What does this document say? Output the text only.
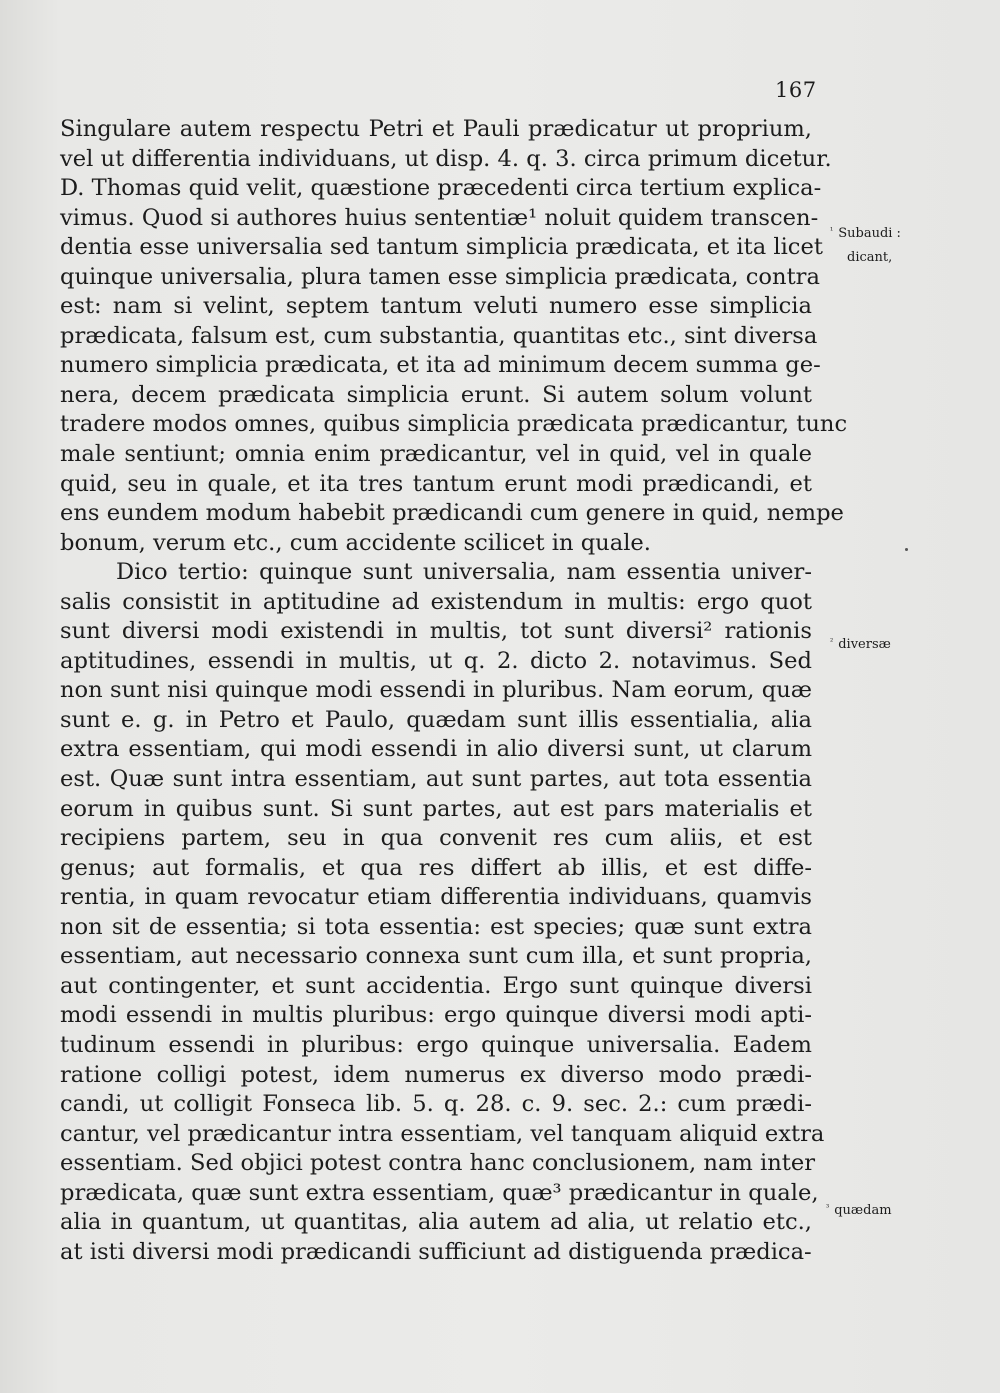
167
Singulare autem respectu Petri et Pauli prædicatur ut proprium,
vel ut differentia individuans, ut disp. 4. q. 3. circa primum dicetur.
D. Thomas quid velit, quæstione præcedenti circa tertium explica-
vimus. Quod si authores huius sententiæ¹ noluit quidem transcen-
dentia esse universalia sed tantum simplicia prædicata, et ita licet
quinque universalia, plura tamen esse simplicia prædicata, contra
est: nam si velint, septem tantum veluti numero esse simplicia
prædicata, falsum est, cum substantia, quantitas etc., sint diversa
numero simplicia prædicata, et ita ad minimum decem summa ge-
nera, decem prædicata simplicia erunt. Si autem solum volunt
tradere modos omnes, quibus simplicia prædicata prædicantur, tunc
male sentiunt; omnia enim prædicantur, vel in quid, vel in quale
quid, seu in quale, et ita tres tantum erunt modi prædicandi, et
ens eundem modum habebit prædicandi cum genere in quid, nempe
bonum, verum etc., cum accidente scilicet in quale.
Dico tertio: quinque sunt universalia, nam essentia univer-
salis consistit in aptitudine ad existendum in multis: ergo quot
sunt diversi modi existendi in multis, tot sunt diversi² rationis
aptitudines, essendi in multis, ut q. 2. dicto 2. notavimus. Sed
non sunt nisi quinque modi essendi in pluribus. Nam eorum, quæ
sunt e. g. in Petro et Paulo, quædam sunt illis essentialia, alia
extra essentiam, qui modi essendi in alio diversi sunt, ut clarum
est. Quæ sunt intra essentiam, aut sunt partes, aut tota essentia
eorum in quibus sunt. Si sunt partes, aut est pars materialis et
recipiens partem, seu in qua convenit res cum aliis, et est
genus; aut formalis, et qua res differt ab illis, et est diffe-
rentia, in quam revocatur etiam differentia individuans, quamvis
non sit de essentia; si tota essentia: est species; quæ sunt extra
essentiam, aut necessario connexa sunt cum illa, et sunt propria,
aut contingenter, et sunt accidentia. Ergo sunt quinque diversi
modi essendi in multis pluribus: ergo quinque diversi modi apti-
tudinum essendi in pluribus: ergo quinque universalia. Eadem
ratione colligi potest, idem numerus ex diverso modo prædi-
candi, ut colligit Fonseca lib. 5. q. 28. c. 9. sec. 2.: cum prædi-
cantur, vel prædicantur intra essentiam, vel tanquam aliquid extra
essentiam. Sed objici potest contra hanc conclusionem, nam inter
prædicata, quæ sunt extra essentiam, quæ³ prædicantur in quale,
alia in quantum, ut quantitas, alia autem ad alia, ut relatio etc.,
at isti diversi modi prædicandi sufficiunt ad distiguenda prædica-
$^{^1}$ Subaudi :
dicant,
$^{^2}$ diversæ
$^{^3}$ quædam
